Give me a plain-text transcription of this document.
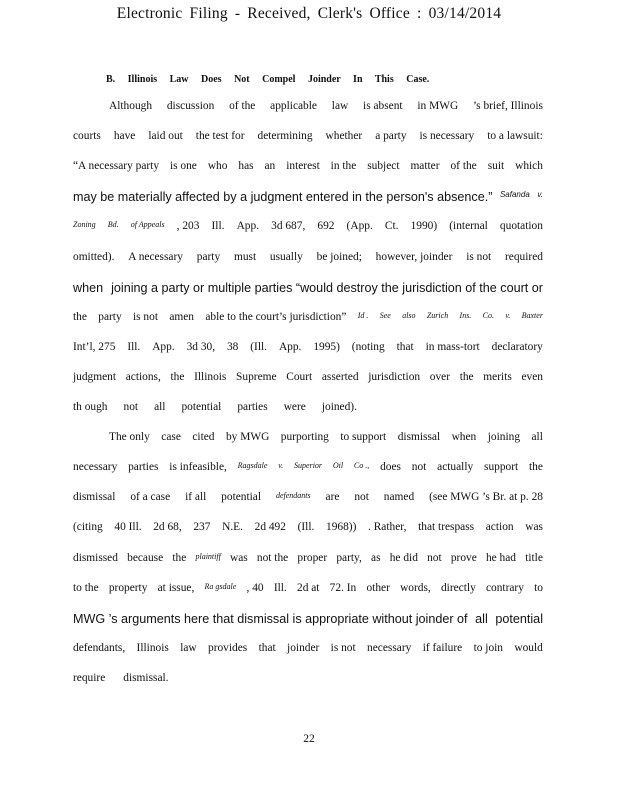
Electronic Filing - Received, Clerk's Office : 03/14/2014
B. Illinois Law Does Not Compel Joinder In This Case.
Although discussion of the applicable law is absent in MWG ’s brief, Illinois
courts have laid out the test for determining whether a party is necessary to a lawsuit:
“A necessary party is one who has an interest in the subject matter of the suit which
may be materially affected by a judgment entered in the person's absence.” Safanda v.
Zoning Bd. of Appeals , 203 Ill. App. 3d 687, 692 (App. Ct. 1990) (internal quotation
omitted). A necessary party must usually be joined; however, joinder is not required
when joining a party or multiple parties “would destroy the jurisdiction of the court or
the party is not amen able to the court’s jurisdiction” Id . See also Zurich Ins. Co. v. Baxter
Int’l, 275 Ill. App. 3d 30, 38 (Ill. App. 1995) (noting that in mass-tort declaratory
judgment actions, the Illinois Supreme Court asserted jurisdiction over the merits even
th ough not all potential parties were joined).
The only case cited by MWG purporting to support dismissal when joining all
necessary parties is infeasible, Ragsdale v. Superior Oil Co ., does not actually support the
dismissal of a case if all potential defendants are not named (see MWG ’s Br. at p. 28
(citing 40 Ill. 2d 68, 237 N.E. 2d 492 (Ill. 1968)) . Rather, that trespass action was
dismissed because the plaintiff was not the proper party, as he did not prove he had title
to the property at issue, Ra gsdale , 40 Ill. 2d at 72. In other words, directly contrary to
MWG ’s arguments here that dismissal is appropriate without joinder of all potential
defendants, Illinois law provides that joinder is not necessary if failure to join would
require dismissal.
22
